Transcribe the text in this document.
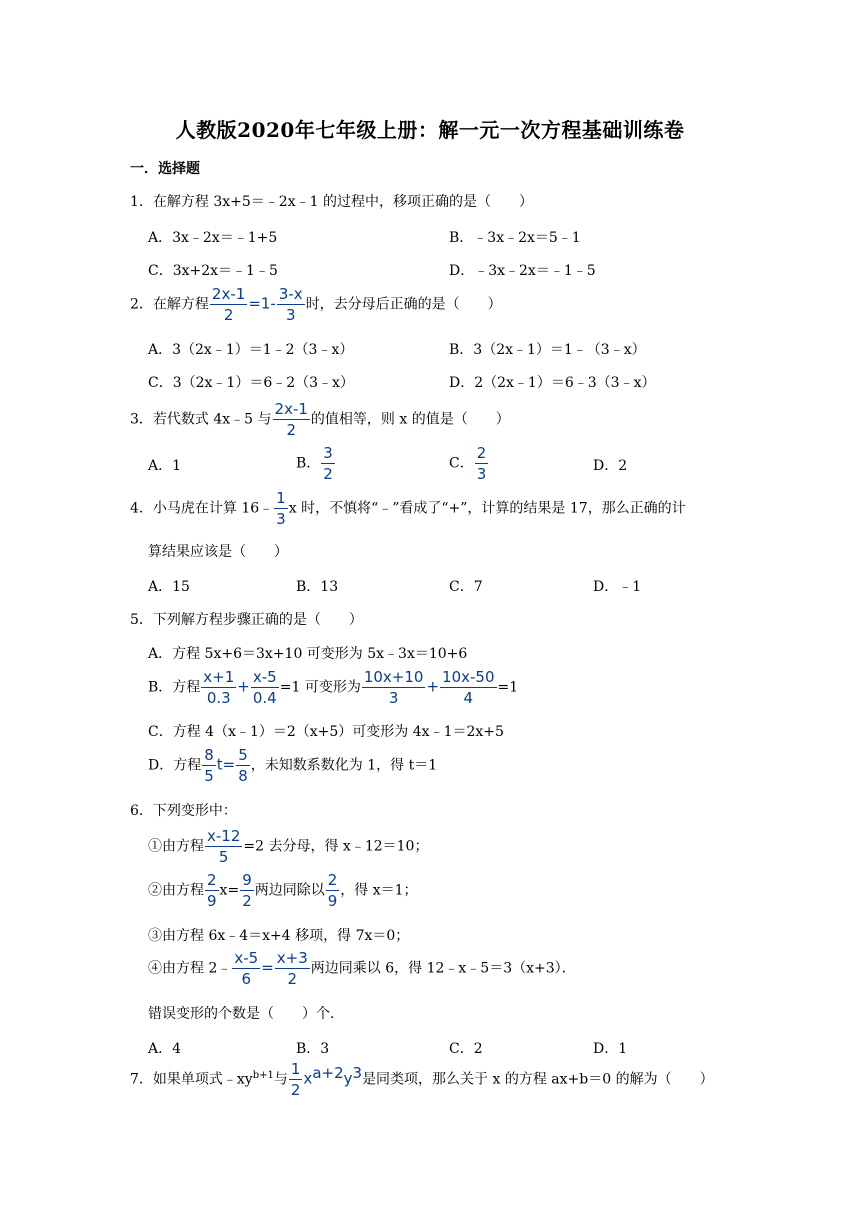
人教版2020年七年级上册：解一元一次方程基础训练卷
一．选择题
1．在解方程 3x+5＝﹣2x﹣1 的过程中，移项正确的是（　　）
A．3x﹣2x＝﹣1+5	B．﹣3x﹣2x＝5﹣1
C．3x+2x＝﹣1﹣5	D．﹣3x﹣2x＝﹣1﹣5
2．在解方程 $\frac{2x-1}{2} =1- \frac{3-x}{3}$ 时，去分母后正确的是（　　）
A．3（2x﹣1）＝1﹣2（3﹣x）	B．3（2x﹣1）＝1﹣（3﹣x）
C．3（2x﹣1）＝6﹣2（3﹣x）	D．2（2x﹣1）＝6﹣3（3﹣x）
3．若代数式 4x﹣5 与 $\frac{2x-1}{2}$ 的值相等，则 x 的值是（　　）
A．1	B． $\frac{3}{2}$	C． $\frac{2}{3}$	D．2
4．小马虎在计算 16﹣ $\frac{1}{3}$ x 时，不慎将“﹣”看成了“+”，计算的结果是 17，那么正确的计
算结果应该是（　　）
A．15	B．13	C．7	D．﹣1
5．下列解方程步骤正确的是（　　）
A．方程 5x+6＝3x+10 可变形为 5x﹣3x＝10+6
B．方程 $\frac{x+1}{0.3} + \frac{x-5}{0.4} =1$ 可变形为 $\frac{10x+10}{3} + \frac{10x-50}{4} =1$
C．方程 4（x﹣1）＝2（x+5）可变形为 4x﹣1＝2x+5
D．方程 $\frac{8}{5} t= \frac{5}{8}$ ，未知数系数化为 1，得 t＝1
6．下列变形中：
①由方程 $\frac{x-12}{5} =2$ 去分母，得 x﹣12＝10；
②由方程 $\frac{2}{9} x= \frac{9}{2}$ 两边同除以 $\frac{2}{9}$ ，得 x＝1；
③由方程 6x﹣4＝x+4 移项，得 7x＝0；
④由方程 2﹣ $\frac{x-5}{6} = \frac{x+3}{2}$ 两边同乘以 6，得 12﹣x﹣5＝3（x+3）．
错误变形的个数是（　　）个．
A．4	B．3	C．2	D．1
7．如果单项式$﹣xy^{b+1}$与 $\frac{1}{2} x^{a+2}y^3$是同类项，那么关于 x 的方程 ax+b＝0 的解为（　　）
